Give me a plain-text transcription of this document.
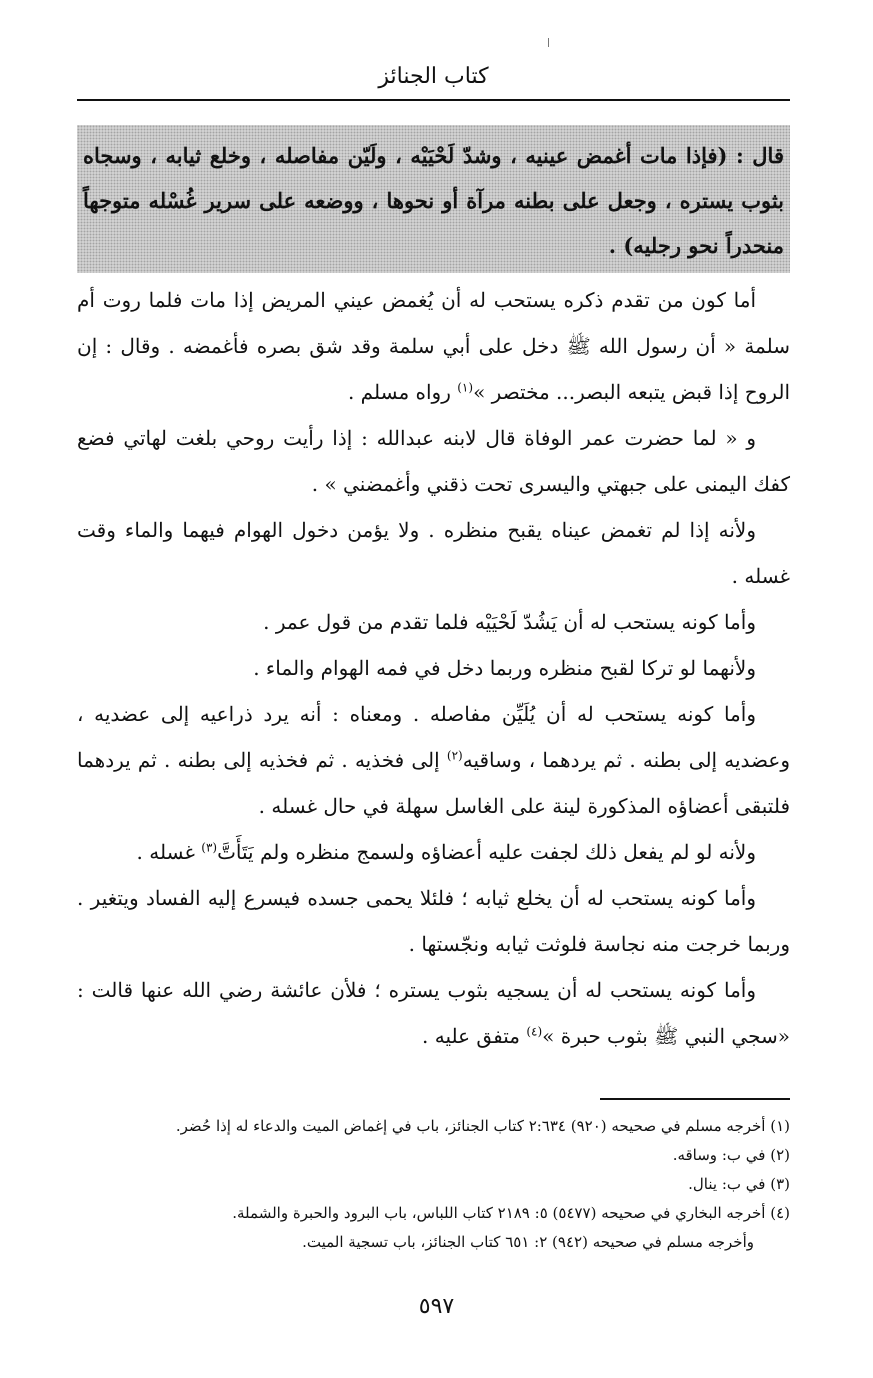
كتاب الجنائز

قال : (فإذا مات أغمض عينيه ، وشدّ لَحْيَيْه ، ولَيّن مفاصله ، وخلع ثيابه ، وسجاه بثوب يستره ، وجعل على بطنه مرآة أو نحوها ، ووضعه على سرير غُسْله متوجهاً منحدراً نحو رجليه) .

أما كون من تقدم ذكره يستحب له أن يُغمض عيني المريض إذا مات فلما روت أم سلمة « أن رسول الله ﷺ دخل على أبي سلمة وقد شق بصره فأغمضه . وقال : إن الروح إذا قبض يتبعه البصر... مختصر »$^{(١)}$ رواه مسلم .

و « لما حضرت عمر الوفاة قال لابنه عبدالله : إذا رأيت روحي بلغت لهاتي فضع كفك اليمنى على جبهتي واليسرى تحت ذقني وأغمضني » .

ولأنه إذا لم تغمض عيناه يقبح منظره . ولا يؤمن دخول الهوام فيهما والماء وقت غسله .

وأما كونه يستحب له أن يَشُدّ لَحْيَيْه فلما تقدم من قول عمر .

ولأنهما لو تركا لقبح منظره وربما دخل في فمه الهوام والماء .

وأما كونه يستحب له أن يُلَيِّن مفاصله . ومعناه : أنه يرد ذراعيه إلى عضديه ، وعضديه إلى بطنه . ثم يردهما ، وساقيه$^{(٢)}$ إلى فخذيه . ثم فخذيه إلى بطنه . ثم يردهما فلتبقى أعضاؤه المذكورة لينة على الغاسل سهلة في حال غسله .

ولأنه لو لم يفعل ذلك لجفت عليه أعضاؤه ولسمج منظره ولم يَتَأَتَّ$^{(٣)}$ غسله .

وأما كونه يستحب له أن يخلع ثيابه ؛ فلئلا يحمى جسده فيسرع إليه الفساد ويتغير . وربما خرجت منه نجاسة فلوثت ثيابه ونجّستها .

وأما كونه يستحب له أن يسجيه بثوب يستره ؛ فلأن عائشة رضي الله عنها قالت : «سجي النبي ﷺ بثوب حبرة »$^{(٤)}$ متفق عليه .

(١) أخرجه مسلم في صحيحه (٩٢٠) ٢:٦٣٤ كتاب الجنائز، باب في إغماض الميت والدعاء له إذا حُضر.

(٢) في ب: وساقه.

(٣) في ب: ينال.

(٤) أخرجه البخاري في صحيحه (٥٤٧٧) ٥: ٢١٨٩ كتاب اللباس، باب البرود والحبرة والشملة.

وأخرجه مسلم في صحيحه (٩٤٢) ٢: ٦٥١ كتاب الجنائز، باب تسجية الميت.

٥٩٧
